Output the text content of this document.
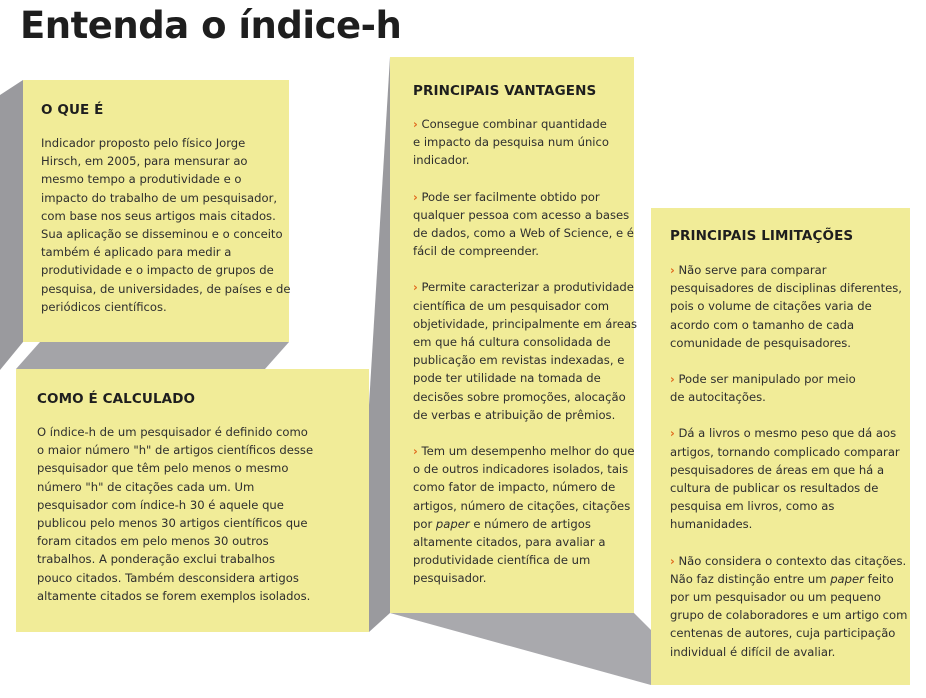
Entenda o índice-h
O QUE É
Indicador proposto pelo físico Jorge
Hirsch, em 2005, para mensurar ao
mesmo tempo a produtividade e o
impacto do trabalho de um pesquisador,
com base nos seus artigos mais citados.
Sua aplicação se disseminou e o conceito
também é aplicado para medir a
produtividade e o impacto de grupos de
pesquisa, de universidades, de países e de
periódicos científicos.
COMO É CALCULADO
O índice-h de um pesquisador é definido como
o maior número "h" de artigos científicos desse
pesquisador que têm pelo menos o mesmo
número "h" de citações cada um. Um
pesquisador com índice-h 30 é aquele que
publicou pelo menos 30 artigos científicos que
foram citados em pelo menos 30 outros
trabalhos. A ponderação exclui trabalhos
pouco citados. Também desconsidera artigos
altamente citados se forem exemplos isolados.
PRINCIPAIS VANTAGENS
› Consegue combinar quantidade
e impacto da pesquisa num único
indicador.
› Pode ser facilmente obtido por
qualquer pessoa com acesso a bases
de dados, como a Web of Science, e é
fácil de compreender.
› Permite caracterizar a produtividade
científica de um pesquisador com
objetividade, principalmente em áreas
em que há cultura consolidada de
publicação em revistas indexadas, e
pode ter utilidade na tomada de
decisões sobre promoções, alocação
de verbas e atribuição de prêmios.
› Tem um desempenho melhor do que
o de outros indicadores isolados, tais
como fator de impacto, número de
artigos, número de citações, citações
por paper e número de artigos
altamente citados, para avaliar a
produtividade científica de um
pesquisador.
PRINCIPAIS LIMITAÇÕES
› Não serve para comparar
pesquisadores de disciplinas diferentes,
pois o volume de citações varia de
acordo com o tamanho de cada
comunidade de pesquisadores.
› Pode ser manipulado por meio
de autocitações.
› Dá a livros o mesmo peso que dá aos
artigos, tornando complicado comparar
pesquisadores de áreas em que há a
cultura de publicar os resultados de
pesquisa em livros, como as
humanidades.
› Não considera o contexto das citações.
Não faz distinção entre um paper feito
por um pesquisador ou um pequeno
grupo de colaboradores e um artigo com
centenas de autores, cuja participação
individual é difícil de avaliar.
